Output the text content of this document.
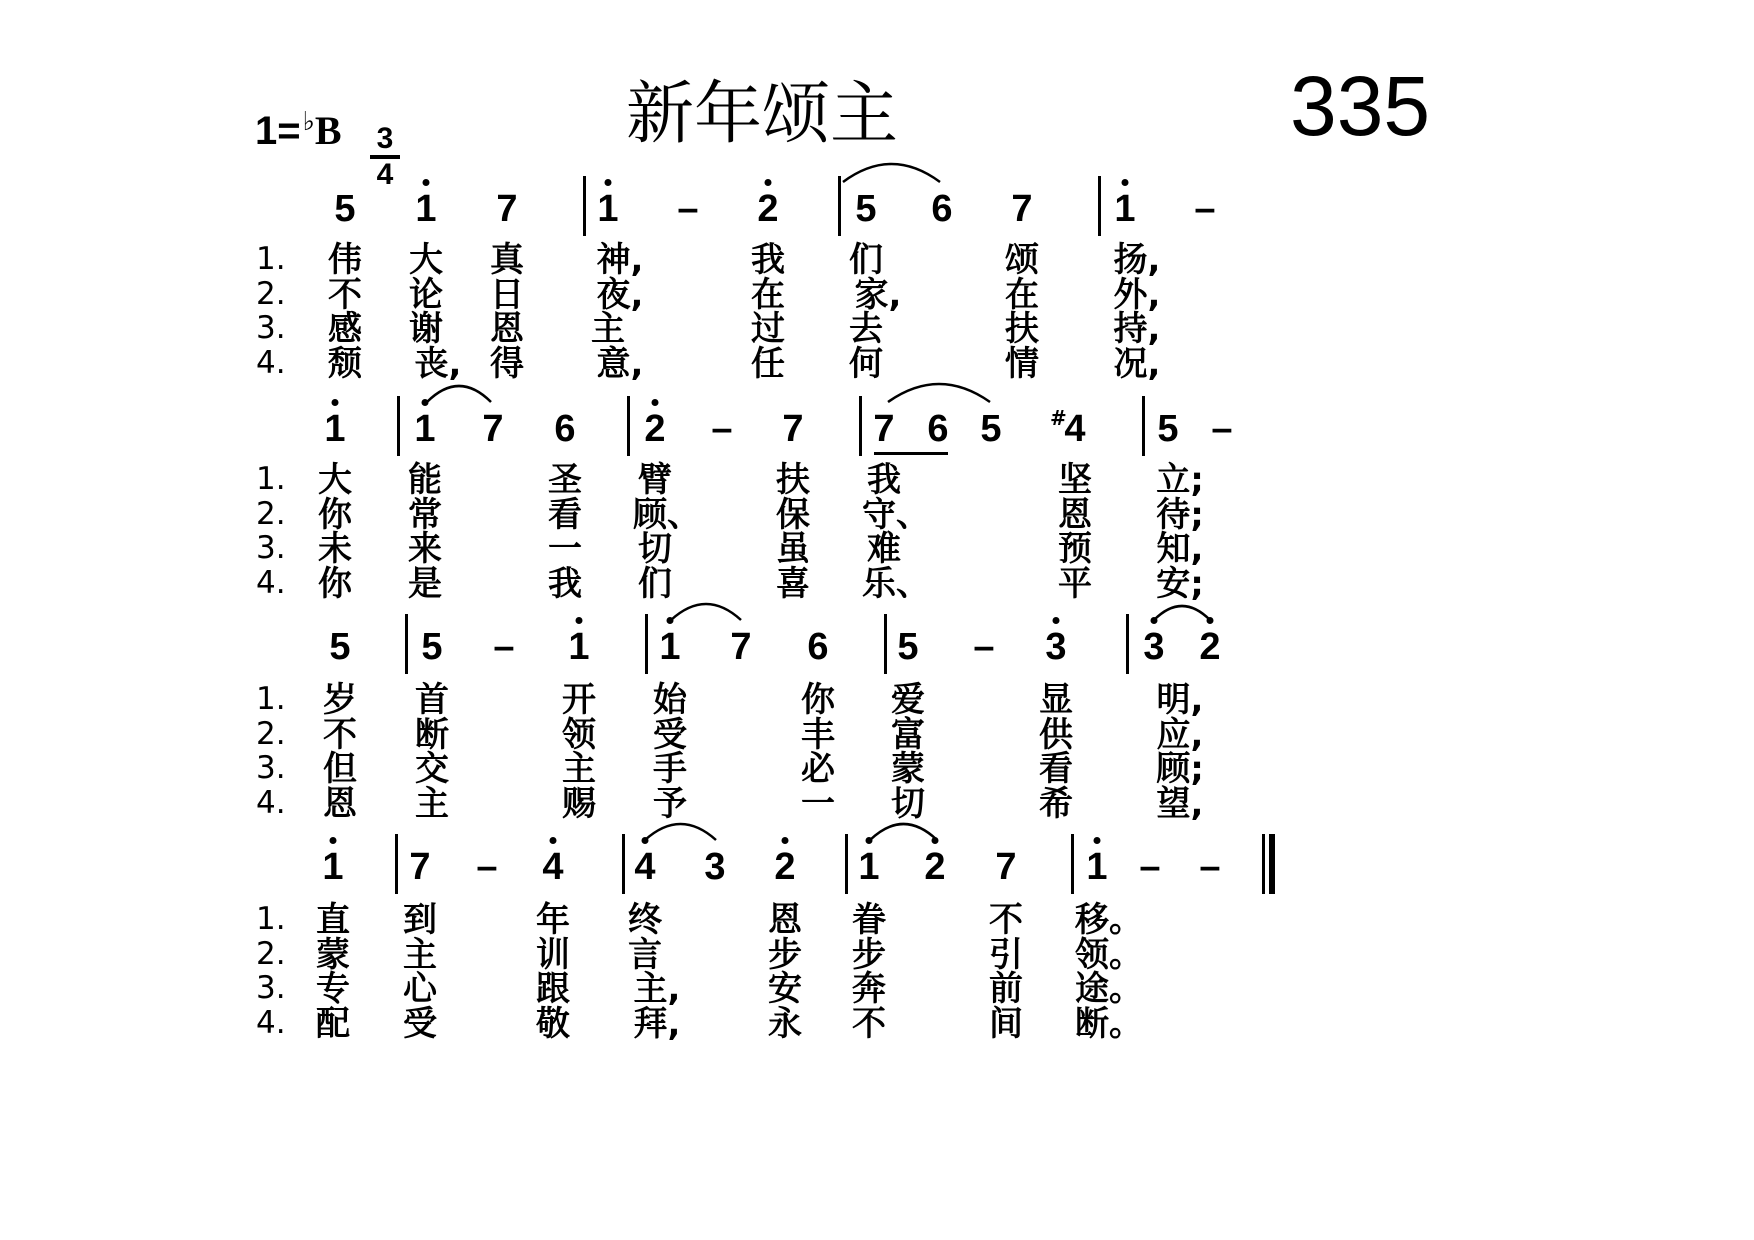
新年颂主	335
1=♭B 3
4
5 1 7 1 – 2 5 6 7 1 –
1. 伟 大 真 神,	我 们	颂 扬,
2. 不 论 日 夜,	在 家,	在 外,
3. 感 谢 恩 主	过 去	扶 持,
4. 颓 丧, 得 意,	任 何	情 况,
1 1 7 6 2 – 7 7 6 5 4 5 –
#
1. 大 能	圣 臂	扶 我	坚 立;
2. 你 常	看 顾、 保 守、	恩 待;
3. 未 来	一 切	虽 难	预 知,
4. 你 是	我 们	喜 乐、	平 安;
5 5 – 1 1 7 6 5 – 3 3 2
1. 岁 首	开 始	你 爱	显 明,
2. 不 断	领 受	丰 富	供 应,
3. 但 交	主 手	必 蒙	看 顾;
4. 恩 主	赐 予	一 切	希 望,
1 7 – 4 4 3 2 1 2 7 1 – –
1. 直 到	年 终	恩 眷	不 移。
2. 蒙 主	训 言	步 步	引 领。
3. 专 心	跟 主,	安 奔	前 途。
4. 配 受	敬 拜,	永 不	间 断。
